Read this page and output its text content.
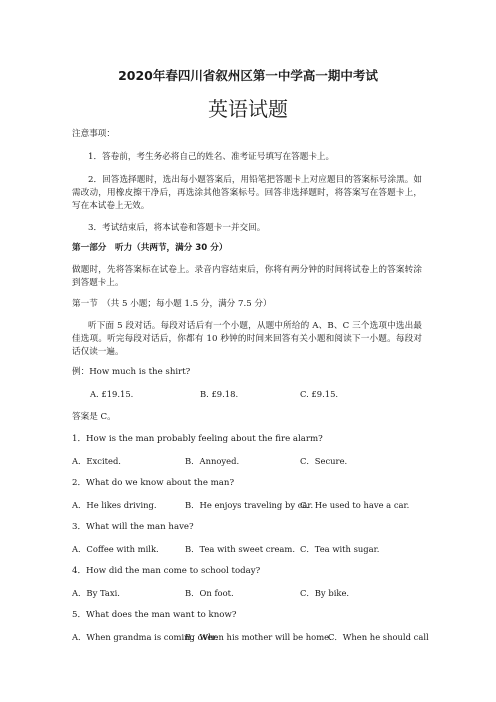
2020年春四川省叙州区第一中学高一期中考试
英语试题
注意事项：
1．答卷前，考生务必将自己的姓名、准考证号填写在答题卡上。
2．回答选择题时，选出每小题答案后，用铅笔把答题卡上对应题目的答案标号涂黑。如需改动，用橡皮擦干净后，再选涂其他答案标号。回答非选择题时，将答案写在答题卡上，写在本试卷上无效。
3．考试结束后，将本试卷和答题卡一并交回。
第一部分　听力（共两节，满分 30 分）
做题时，先将答案标在试卷上。录音内容结束后，你将有两分钟的时间将试卷上的答案转涂到答题卡上。
第一节　（共 5 小题；每小题 1.5 分，满分 7.5 分）
听下面 5 段对话。每段对话后有一个小题，从题中所给的 A、B、C 三个选项中选出最佳选项。听完每段对话后，你都有 10 秒钟的时间来回答有关小题和阅读下一小题。每段对话仅读一遍。
例：How much is the shirt?
A. £19.15.	B. £9.18.	C. £9.15.
答案是 C。
1．How is the man probably feeling about the fire alarm?
A．Excited.	B．Annoyed.	C．Secure.
2．What do we know about the man?
A．He likes driving.	B．He enjoys traveling by car.
C．He used to have a car.
3．What will the man have?
A．Coffee with milk.	B．Tea with sweet cream. C．Tea with sugar.
4．How did the man come to school today?
A．By Taxi.	B．On foot.	C．By bike.
5．What does the man want to know?
A．When grandma is coming over.
B．When his mother will be home.
C．When he should call
